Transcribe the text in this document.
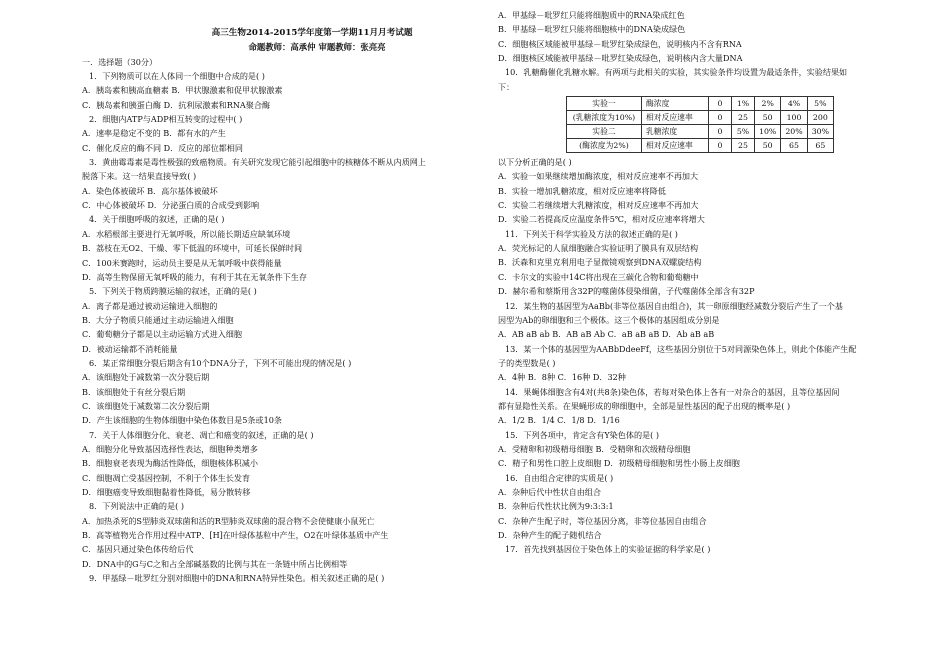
高三生物2014-2015学年度第一学期11月月考试题
命题教师：高承仲 审题教师：张亮亮
一．选择题（30分）
1．下列物质可以在人体同一个细胞中合成的是( )
A．胰岛素和胰高血糖素 B．甲状腺激素和促甲状腺激素
C．胰岛素和胰蛋白酶 D．抗利尿激素和RNA聚合酶
2．细胞内ATP与ADP相互转变的过程中( )
A．速率是稳定不变的 B．都有水的产生
C．催化反应的酶不同 D．反应的部位都相同
3．黄曲霉毒素是毒性极强的致癌物质。有关研究发现它能引起细胞中的核糖体不断从内质网上
脱落下来。这一结果直接导致( )
A．染色体被破坏 B．高尔基体被破坏
C．中心体被破坏 D．分泌蛋白质的合成受到影响
4．关于细胞呼吸的叙述，正确的是( )
A．水稻根部主要进行无氧呼吸，所以能长期适应缺氧环境
B．荔枝在无O2、干燥、零下低温的环境中，可延长保鲜时间
C．100米赛跑时，运动员主要是从无氧呼吸中获得能量
D．高等生物保留无氧呼吸的能力，有利于其在无氧条件下生存
5．下列关于物质跨膜运输的叙述，正确的是( )
A．离子都是通过被动运输进入细胞的
B．大分子物质只能通过主动运输进入细胞
C．葡萄糖分子都是以主动运输方式进入细胞
D．被动运输都不消耗能量
6．某正常细胞分裂后期含有10个DNA分子，下列不可能出现的情况是( )
A．该细胞处于减数第一次分裂后期
B．该细胞处于有丝分裂后期
C．该细胞处于减数第二次分裂后期
D．产生该细胞的生物体细胞中染色体数目是5条或10条
7．关于人体细胞分化、衰老、凋亡和癌变的叙述，正确的是( )
A．细胞分化导致基因选择性表达，细胞种类增多
B．细胞衰老表现为酶活性降低，细胞核体积减小
C．细胞凋亡受基因控制，不利于个体生长发育
D．细胞癌变导致细胞黏着性降低，易分散转移
8．下列说法中正确的是( )
A．加热杀死的S型肺炎双球菌和活的R型肺炎双球菌的混合物不会使健康小鼠死亡
B．高等植物光合作用过程中ATP、[H]在叶绿体基粒中产生，O2在叶绿体基质中产生
C．基因只通过染色体传给后代
D．DNA中的G与C之和占全部碱基数的比例与其在一条链中所占比例相等
9．甲基绿－吡罗红分别对细胞中的DNA和RNA特异性染色。相关叙述正确的是( )
A．甲基绿－吡罗红只能将细胞质中的RNA染成红色
B．甲基绿－吡罗红只能将细胞核中的DNA染成绿色
C．细胞核区域能被甲基绿－吡罗红染成绿色，说明核内不含有RNA
D．细胞核区域能被甲基绿－吡罗红染成绿色，说明核内含大量DNA
10．乳糖酶催化乳糖水解。有两项与此相关的实验，其实验条件均设置为最适条件，实验结果如
下：
实验一	酶浓度	0	1%	2%	4%	5%
(乳糖浓度为10%)	相对反应速率	0	25	50	100	200
实验二	乳糖浓度	0	5%	10%	20%	30%
(酶浓度为2%)	相对反应速率	0	25	50	65	65
以下分析正确的是( )
A．实验一如果继续增加酶浓度，相对反应速率不再加大
B．实验一增加乳糖浓度，相对反应速率将降低
C．实验二若继续增大乳糖浓度，相对反应速率不再加大
D．实验二若提高反应温度条件5℃，相对反应速率将增大
11．下列关于科学实验及方法的叙述正确的是( )
A．荧光标记的人鼠细胞融合实验证明了膜具有双层结构
B．沃森和克里克利用电子显微镜观察到DNA双螺旋结构
C．卡尔文的实验中14C将出现在三碳化合物和葡萄糖中
D．赫尔希和蔡斯用含32P的噬菌体侵染细菌，子代噬菌体全部含有32P
12．某生物的基因型为AaBb(非等位基因自由组合)，其一卵原细胞经减数分裂后产生了一个基
因型为Ab的卵细胞和三个极体。这三个极体的基因组成分别是
A．AB aB ab B．AB aB Ab C．aB aB aB D．Ab aB aB
13．某一个体的基因型为AABbDdeeFf，这些基因分别位于5对同源染色体上，则此个体能产生配
子的类型数是( )
A．4种 B．8种 C．16种 D．32种
14．果蝇体细胞含有4对(共8条)染色体，若每对染色体上各有一对杂合的基因，且等位基因间
都有显隐性关系。在果蝇形成的卵细胞中，全部是显性基因的配子出现的概率是( )
A．1/2 B．1/4 C．1/8 D．1/16
15．下列各项中，肯定含有Y染色体的是( )
A．受精卵和初级精母细胞 B．受精卵和次级精母细胞
C．精子和男性口腔上皮细胞 D．初级精母细胞和男性小肠上皮细胞
16．自由组合定律的实质是( )
A．杂种后代中性状自由组合
B．杂种后代性状比例为9:3:3:1
C．杂种产生配子时，等位基因分离，非等位基因自由组合
D．杂种产生的配子随机结合
17．首先找到基因位于染色体上的实验证据的科学家是( )
